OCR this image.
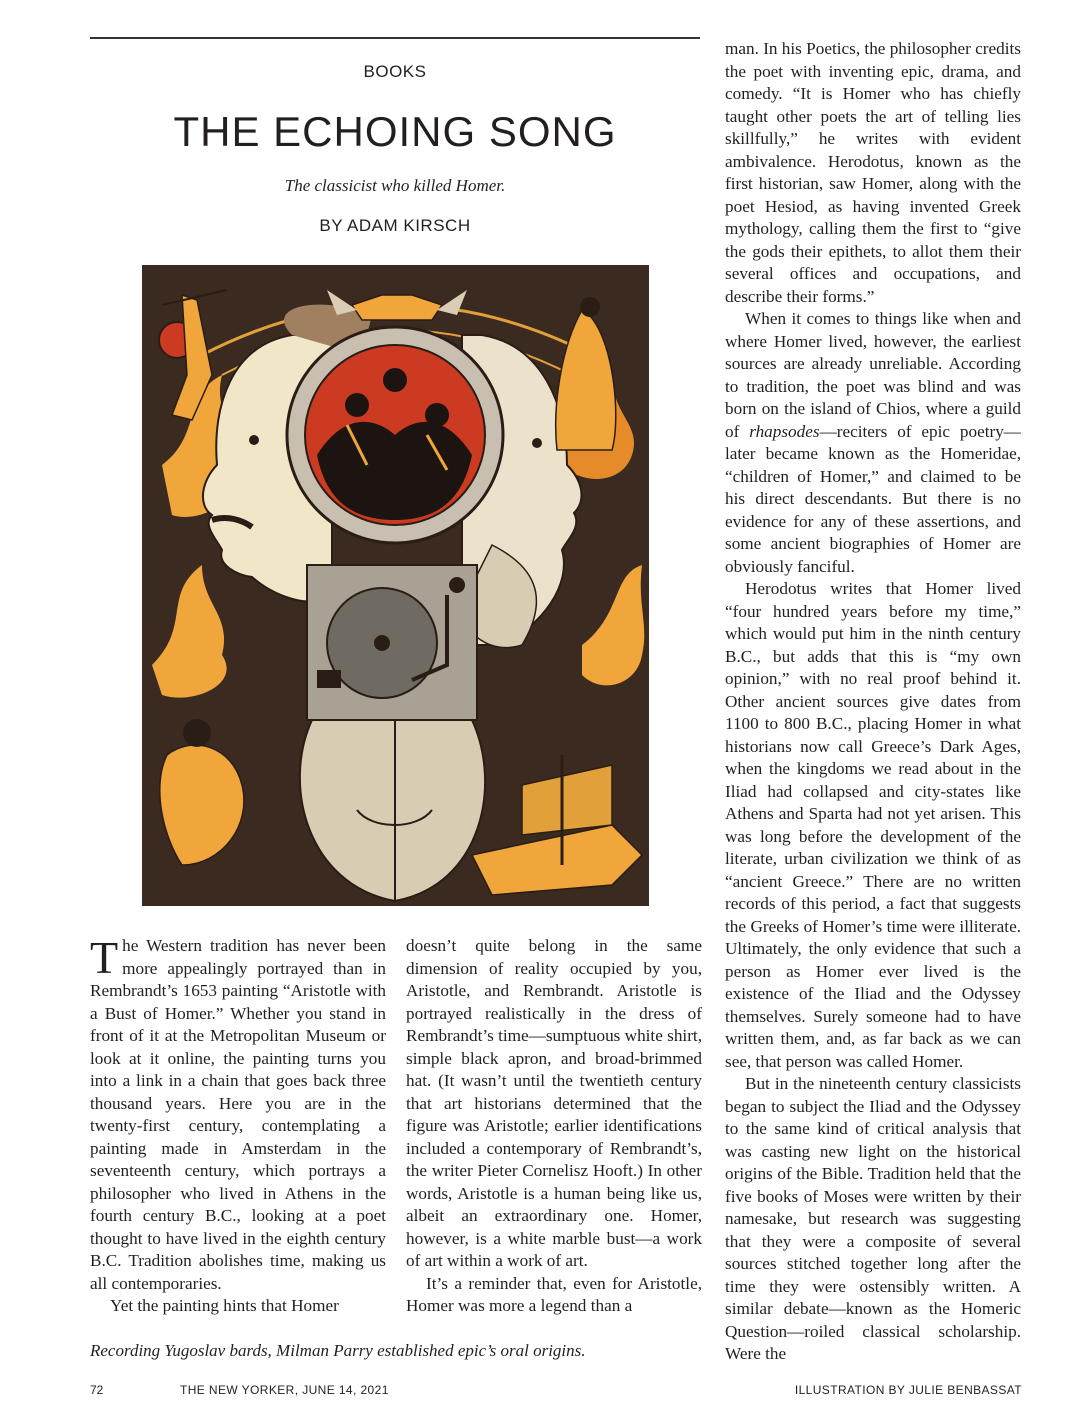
BOOKS
THE ECHOING SONG
The classicist who killed Homer.
BY ADAM KIRSCH

The Western tradition has never been more appealingly portrayed than in Rembrandt’s 1653 painting “Aristotle with a Bust of Homer.” Whether you stand in front of it at the Metropolitan Museum or look at it online, the painting turns you into a link in a chain that goes back three thousand years. Here you are in the twenty-first century, contemplating a painting made in Amsterdam in the seventeenth century, which portrays a philosopher who lived in Athens in the fourth century B.C., looking at a poet thought to have lived in the eighth century B.C. Tradition abolishes time, making us all contemporaries.

Yet the painting hints that Homer

doesn’t quite belong in the same dimension of reality occupied by you, Aristotle, and Rembrandt. Aristotle is portrayed realistically in the dress of Rembrandt’s time—sumptuous white shirt, simple black apron, and broad-brimmed hat. (It wasn’t until the twentieth century that art historians determined that the figure was Aristotle; earlier identifications included a contemporary of Rembrandt’s, the writer Pieter Cornelisz Hooft.) In other words, Aristotle is a human being like us, albeit an extraordinary one. Homer, however, is a white marble bust—a work of art within a work of art.

It’s a reminder that, even for Aristotle, Homer was more a legend than a

man. In his Poetics, the philosopher credits the poet with inventing epic, drama, and comedy. “It is Homer who has chiefly taught other poets the art of telling lies skillfully,” he writes with evident ambivalence. Herodotus, known as the first historian, saw Homer, along with the poet Hesiod, as having invented Greek mythology, calling them the first to “give the gods their epithets, to allot them their several offices and occupations, and describe their forms.”

When it comes to things like when and where Homer lived, however, the earliest sources are already unreliable. According to tradition, the poet was blind and was born on the island of Chios, where a guild of rhapsodes—reciters of epic poetry—later became known as the Homeridae, “children of Homer,” and claimed to be his direct descendants. But there is no evidence for any of these assertions, and some ancient biographies of Homer are obviously fanciful.

Herodotus writes that Homer lived “four hundred years before my time,” which would put him in the ninth century B.C., but adds that this is “my own opinion,” with no real proof behind it. Other ancient sources give dates from 1100 to 800 B.C., placing Homer in what historians now call Greece’s Dark Ages, when the kingdoms we read about in the Iliad had collapsed and city-states like Athens and Sparta had not yet arisen. This was long before the development of the literate, urban civilization we think of as “ancient Greece.” There are no written records of this period, a fact that suggests the Greeks of Homer’s time were illiterate. Ultimately, the only evidence that such a person as Homer ever lived is the existence of the Iliad and the Odyssey themselves. Surely someone had to have written them, and, as far back as we can see, that person was called Homer.

But in the nineteenth century classicists began to subject the Iliad and the Odyssey to the same kind of critical analysis that was casting new light on the historical origins of the Bible. Tradition held that the five books of Moses were written by their namesake, but research was suggesting that they were a composite of several sources stitched together long after the time they were ostensibly written. A similar debate—known as the Homeric Question—roiled classical scholarship. Were the

Recording Yugoslav bards, Milman Parry established epic’s oral origins.
72	THE NEW YORKER, JUNE 14, 2021	ILLUSTRATION BY JULIE BENBASSAT
